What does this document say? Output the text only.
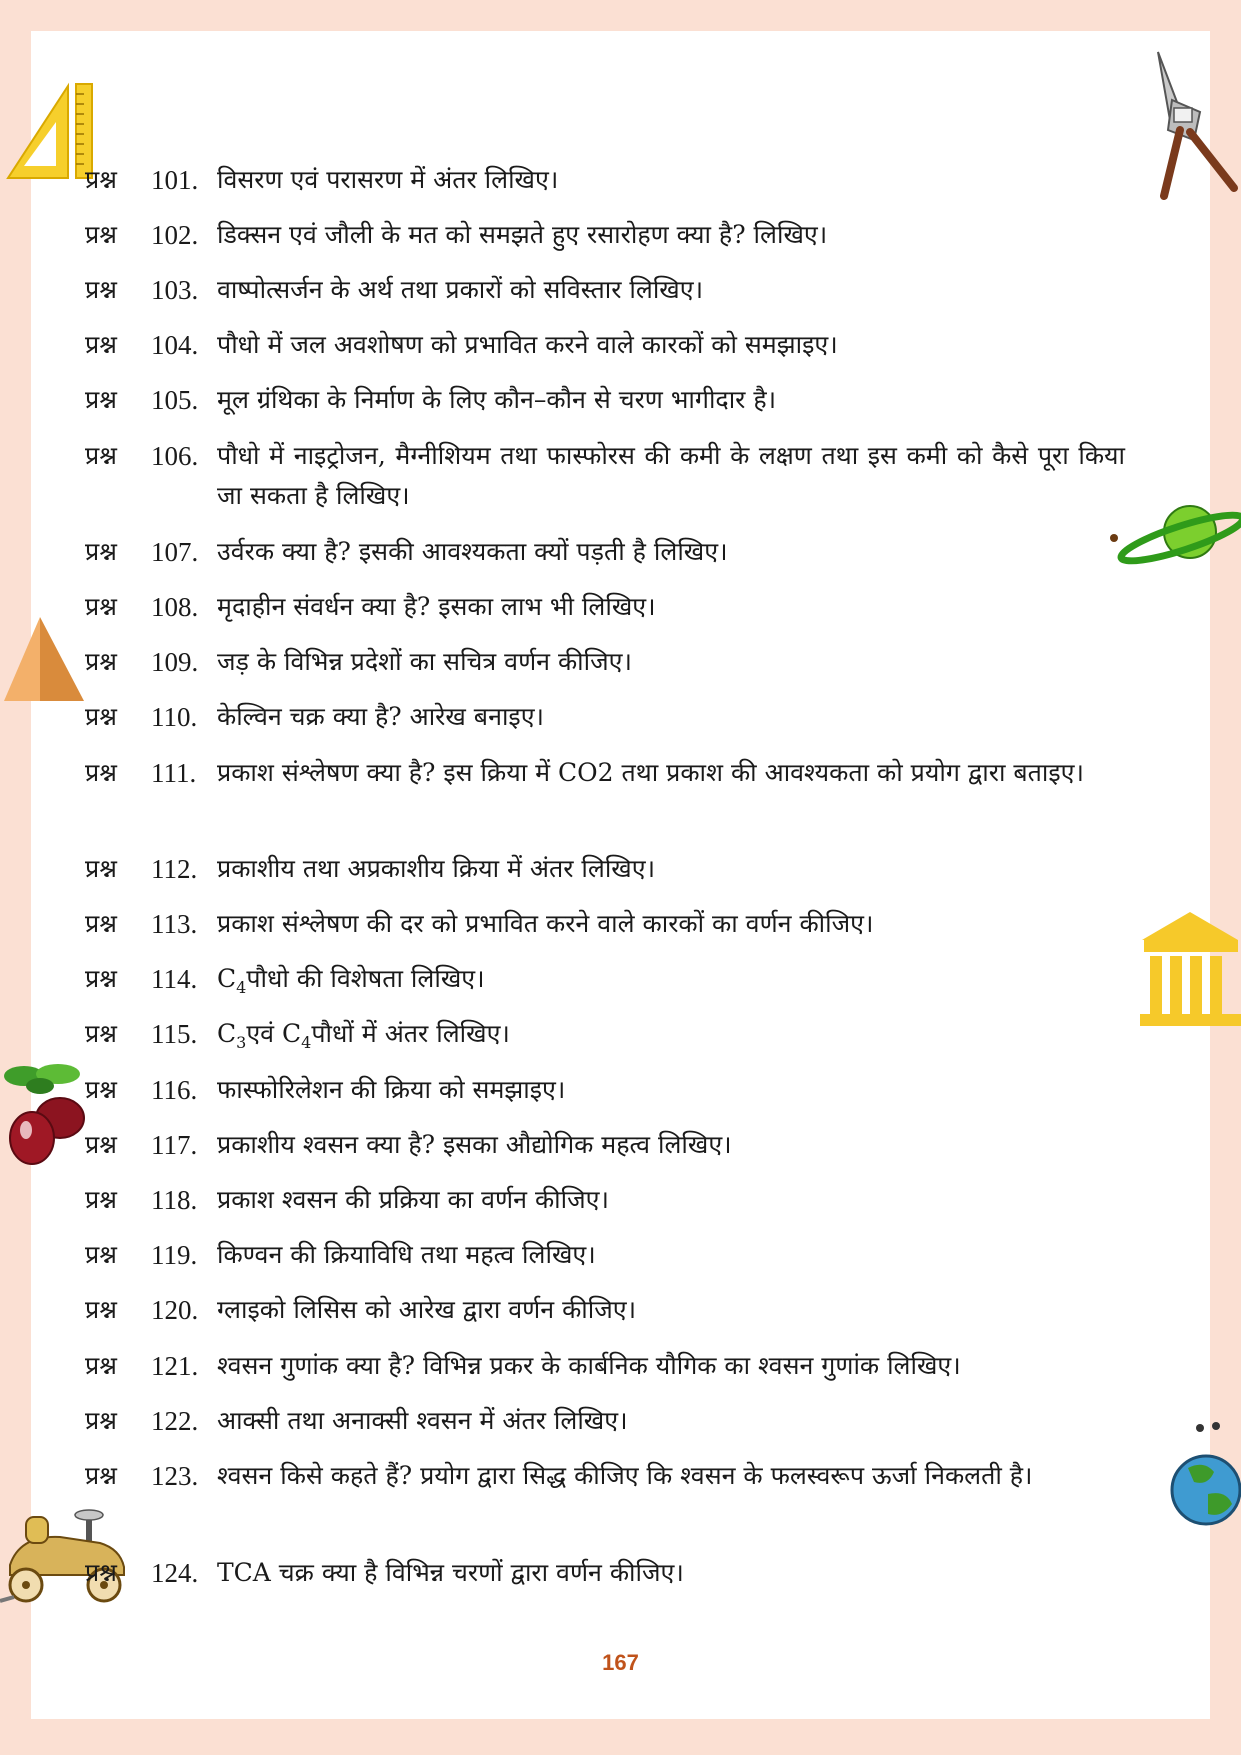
प्रश्न	101. विसरण एवं परासरण में अंतर लिखिए।
प्रश्न	102. डिक्सन एवं जौली के मत को समझते हुए रसारोहण क्या है? लिखिए।
प्रश्न	103. वाष्पोत्सर्जन के अर्थ तथा प्रकारों को सविस्तार लिखिए।
प्रश्न	104. पौधो में जल अवशोषण को प्रभावित करने वाले कारकों को समझाइए।
प्रश्न	105. मूल ग्रंथिका के निर्माण के लिए कौन–कौन से चरण भागीदार है।
प्रश्न	106. पौधो में नाइट्रोजन, मैग्नीशियम तथा फास्फोरस की कमी के लक्षण तथा इस कमी को कैसे पूरा किया जा सकता है लिखिए।
प्रश्न	107. उर्वरक क्या है? इसकी आवश्यकता क्यों पड़ती है लिखिए।
प्रश्न	108. मृदाहीन संवर्धन क्या है? इसका लाभ भी लिखिए।
प्रश्न	109. जड़ के विभिन्न प्रदेशों का सचित्र वर्णन कीजिए।
प्रश्न	110. केल्विन चक्र क्या है? आरेख बनाइए।
प्रश्न	111. प्रकाश संश्लेषण क्या है? इस क्रिया में CO2 तथा प्रकाश की आवश्यकता को प्रयोग द्वारा बताइए।
प्रश्न	112. प्रकाशीय तथा अप्रकाशीय क्रिया में अंतर लिखिए।
प्रश्न	113. प्रकाश संश्लेषण की दर को प्रभावित करने वाले कारकों का वर्णन कीजिए।
प्रश्न	114. $C_4पौधो$ की विशेषता लिखिए।
प्रश्न	115. $C_3एवं$ $C_4पौधों$ में अंतर लिखिए।
प्रश्न	116. फास्फोरिलेशन की क्रिया को समझाइए।
प्रश्न	117. प्रकाशीय श्वसन क्या है? इसका औद्योगिक महत्व लिखिए।
प्रश्न	118. प्रकाश श्वसन की प्रक्रिया का वर्णन कीजिए।
प्रश्न	119. किण्वन की क्रियाविधि तथा महत्व लिखिए।
प्रश्न	120. ग्लाइको लिसिस को आरेख द्वारा वर्णन कीजिए।
प्रश्न	121. श्वसन गुणांक क्या है? विभिन्न प्रकर के कार्बनिक यौगिक का श्वसन गुणांक लिखिए।
प्रश्न	122. आक्सी तथा अनाक्सी श्वसन में अंतर लिखिए।
प्रश्न	123. श्वसन किसे कहते हैं? प्रयोग द्वारा सिद्ध कीजिए कि श्वसन के फलस्वरूप ऊर्जा निकलती है।
प्रश्न	124. TCA चक्र क्या है विभिन्न चरणों द्वारा वर्णन कीजिए।
167
